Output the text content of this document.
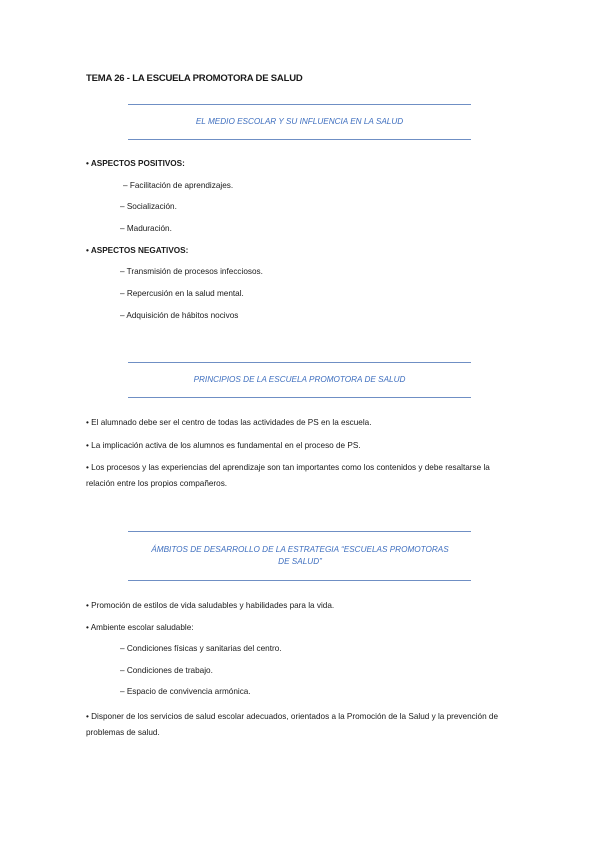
TEMA 26 - LA ESCUELA PROMOTORA DE SALUD
EL MEDIO ESCOLAR Y SU INFLUENCIA EN LA SALUD
• ASPECTOS POSITIVOS:
– Facilitación de aprendizajes.
– Socialización.
– Maduración.
• ASPECTOS NEGATIVOS:
– Transmisión de procesos infecciosos.
– Repercusión en la salud mental.
– Adquisición de hábitos nocivos
PRINCIPIOS DE LA ESCUELA PROMOTORA DE SALUD
• El alumnado debe ser el centro de todas las actividades de PS en la escuela.
• La implicación activa de los alumnos es fundamental en el proceso de PS.
• Los procesos y las experiencias del aprendizaje son tan importantes como los contenidos y debe resaltarse la relación entre los propios compañeros.
ÁMBITOS DE DESARROLLO DE LA ESTRATEGIA “ESCUELAS PROMOTORAS DE SALUD”
• Promoción de estilos de vida saludables y habilidades para la vida.
• Ambiente escolar saludable:
– Condiciones físicas y sanitarias del centro.
– Condiciones de trabajo.
– Espacio de convivencia armónica.
• Disponer de los servicios de salud escolar adecuados, orientados a la Promoción de la Salud y la prevención de problemas de salud.
